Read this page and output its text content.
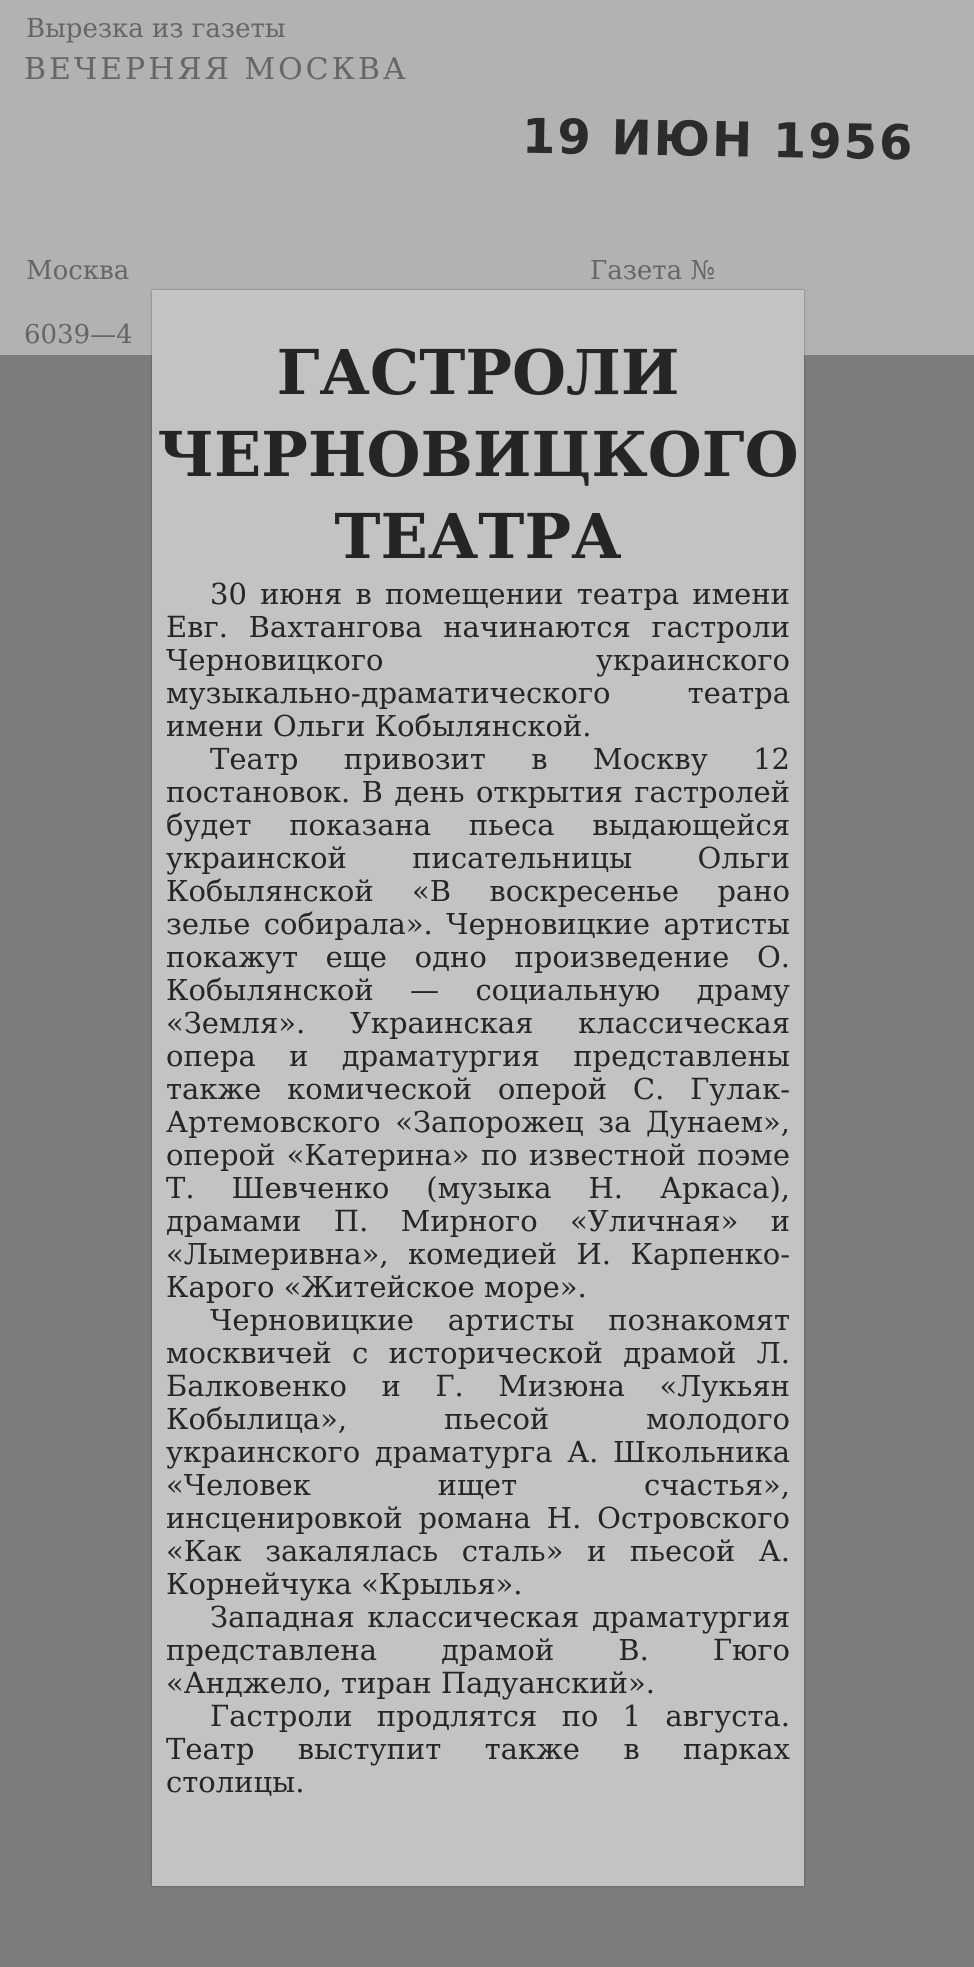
Вырезка из газеты
ВЕЧЕРНЯЯ МОСКВА
19 ИЮН 1956
Москва	Газета №
6039—4
ГАСТРОЛИ
ЧЕРНОВИЦКОГО
ТЕАТРА

30 июня в помещении театра имени Евг. Вахтангова начинаются гастроли Черновицкого украинского музыкально-драматического театра имени Ольги Кобылянской.

Театр привозит в Москву 12 постановок. В день открытия гастролей будет показана пьеса выдающейся украинской писательницы Ольги Кобылянской «В воскресенье рано зелье собирала». Черновицкие артисты покажут еще одно произведение О. Кобылянской — социальную драму «Земля». Украинская классическая опера и драматургия представлены также комической оперой С. Гулак-Артемовского «Запорожец за Дунаем», оперой «Катерина» по известной поэме Т. Шевченко (музыка Н. Аркаса), драмами П. Мирного «Уличная» и «Лымеривна», комедией И. Карпенко-Карого «Житейское море».

Черновицкие артисты познакомят москвичей с исторической драмой Л. Балковенко и Г. Мизюна «Лукьян Кобылица», пьесой молодого украинского драматурга А. Школьника «Человек ищет счастья», инсценировкой романа Н. Островского «Как закалялась сталь» и пьесой А. Корнейчука «Крылья».

Западная классическая драматургия представлена драмой В. Гюго «Анджело, тиран Падуанский».

Гастроли продлятся по 1 августа. Театр выступит также в парках столицы.
